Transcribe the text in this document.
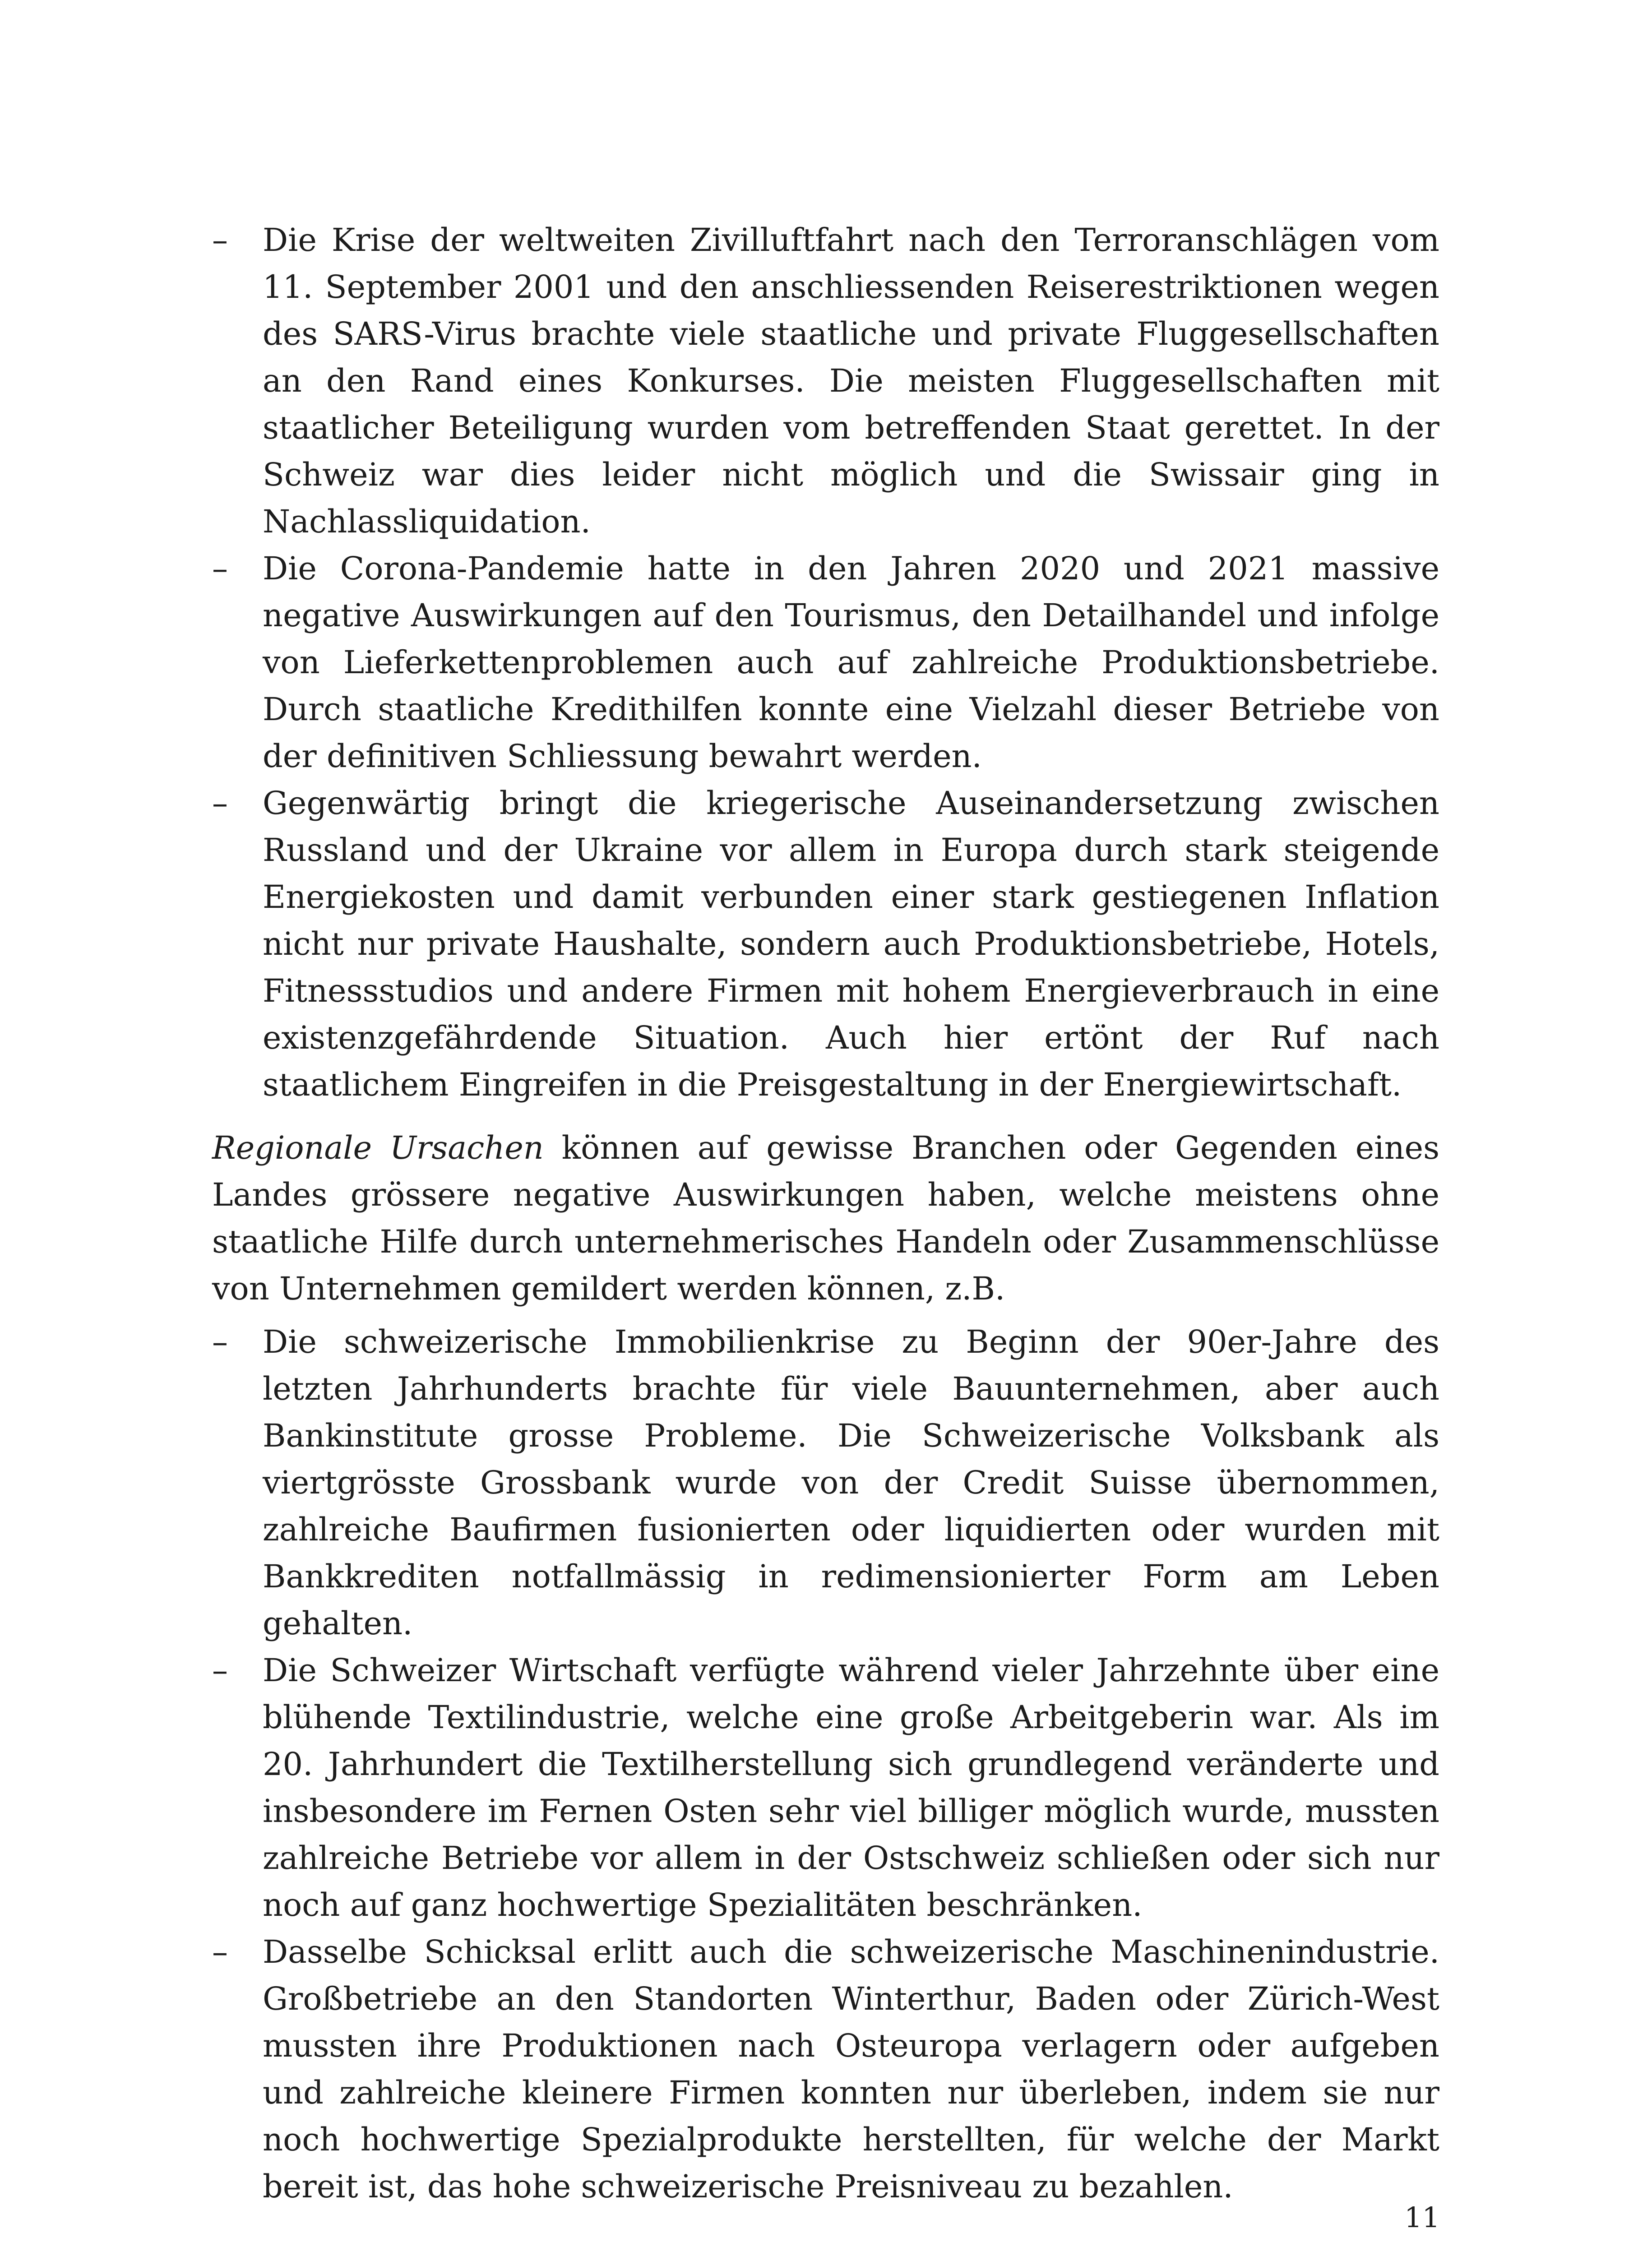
– Die Krise der weltweiten Zivilluftfahrt nach den Terroranschlägen vom 11. September 2001 und den anschliessenden Reiserestriktionen wegen des SARS-Virus brachte viele staatliche und private Fluggesellschaften an den Rand eines Konkurses. Die meisten Fluggesellschaften mit staatlicher Beteiligung wurden vom betreffenden Staat gerettet. In der Schweiz war dies leider nicht möglich und die Swissair ging in Nachlassliquidation.
– Die Corona-Pandemie hatte in den Jahren 2020 und 2021 massive negative Auswirkungen auf den Tourismus, den Detailhandel und infolge von Lieferkettenproblemen auch auf zahlreiche Produktionsbetriebe. Durch staatliche Kredithilfen konnte eine Vielzahl dieser Betriebe von der definitiven Schliessung bewahrt werden.
– Gegenwärtig bringt die kriegerische Auseinandersetzung zwischen Russland und der Ukraine vor allem in Europa durch stark steigende Energiekosten und damit verbunden einer stark gestiegenen Inflation nicht nur private Haushalte, sondern auch Produktionsbetriebe, Hotels, Fitnessstudios und andere Firmen mit hohem Energieverbrauch in eine existenzgefährdende Situation. Auch hier ertönt der Ruf nach staatlichem Eingreifen in die Preisgestaltung in der Energiewirtschaft.

Regionale Ursachen können auf gewisse Branchen oder Gegenden eines Landes grössere negative Auswirkungen haben, welche meistens ohne staatliche Hilfe durch unternehmerisches Handeln oder Zusammenschlüsse von Unternehmen gemildert werden können, z.B.

– Die schweizerische Immobilienkrise zu Beginn der 90er-Jahre des letzten Jahrhunderts brachte für viele Bauunternehmen, aber auch Bankinstitute grosse Probleme. Die Schweizerische Volksbank als viertgrösste Grossbank wurde von der Credit Suisse übernommen, zahlreiche Baufirmen fusionierten oder liquidierten oder wurden mit Bankkrediten notfallmässig in redimensionierter Form am Leben gehalten.
– Die Schweizer Wirtschaft verfügte während vieler Jahrzehnte über eine blühende Textilindustrie, welche eine große Arbeitgeberin war. Als im 20. Jahrhundert die Textilherstellung sich grundlegend veränderte und insbesondere im Fernen Osten sehr viel billiger möglich wurde, mussten zahlreiche Betriebe vor allem in der Ostschweiz schließen oder sich nur noch auf ganz hochwertige Spezialitäten beschränken.
– Dasselbe Schicksal erlitt auch die schweizerische Maschinenindustrie. Großbetriebe an den Standorten Winterthur, Baden oder Zürich-West mussten ihre Produktionen nach Osteuropa verlagern oder aufgeben und zahlreiche kleinere Firmen konnten nur überleben, indem sie nur noch hochwertige Spezialprodukte herstellten, für welche der Markt bereit ist, das hohe schweizerische Preisniveau zu bezahlen.
11
